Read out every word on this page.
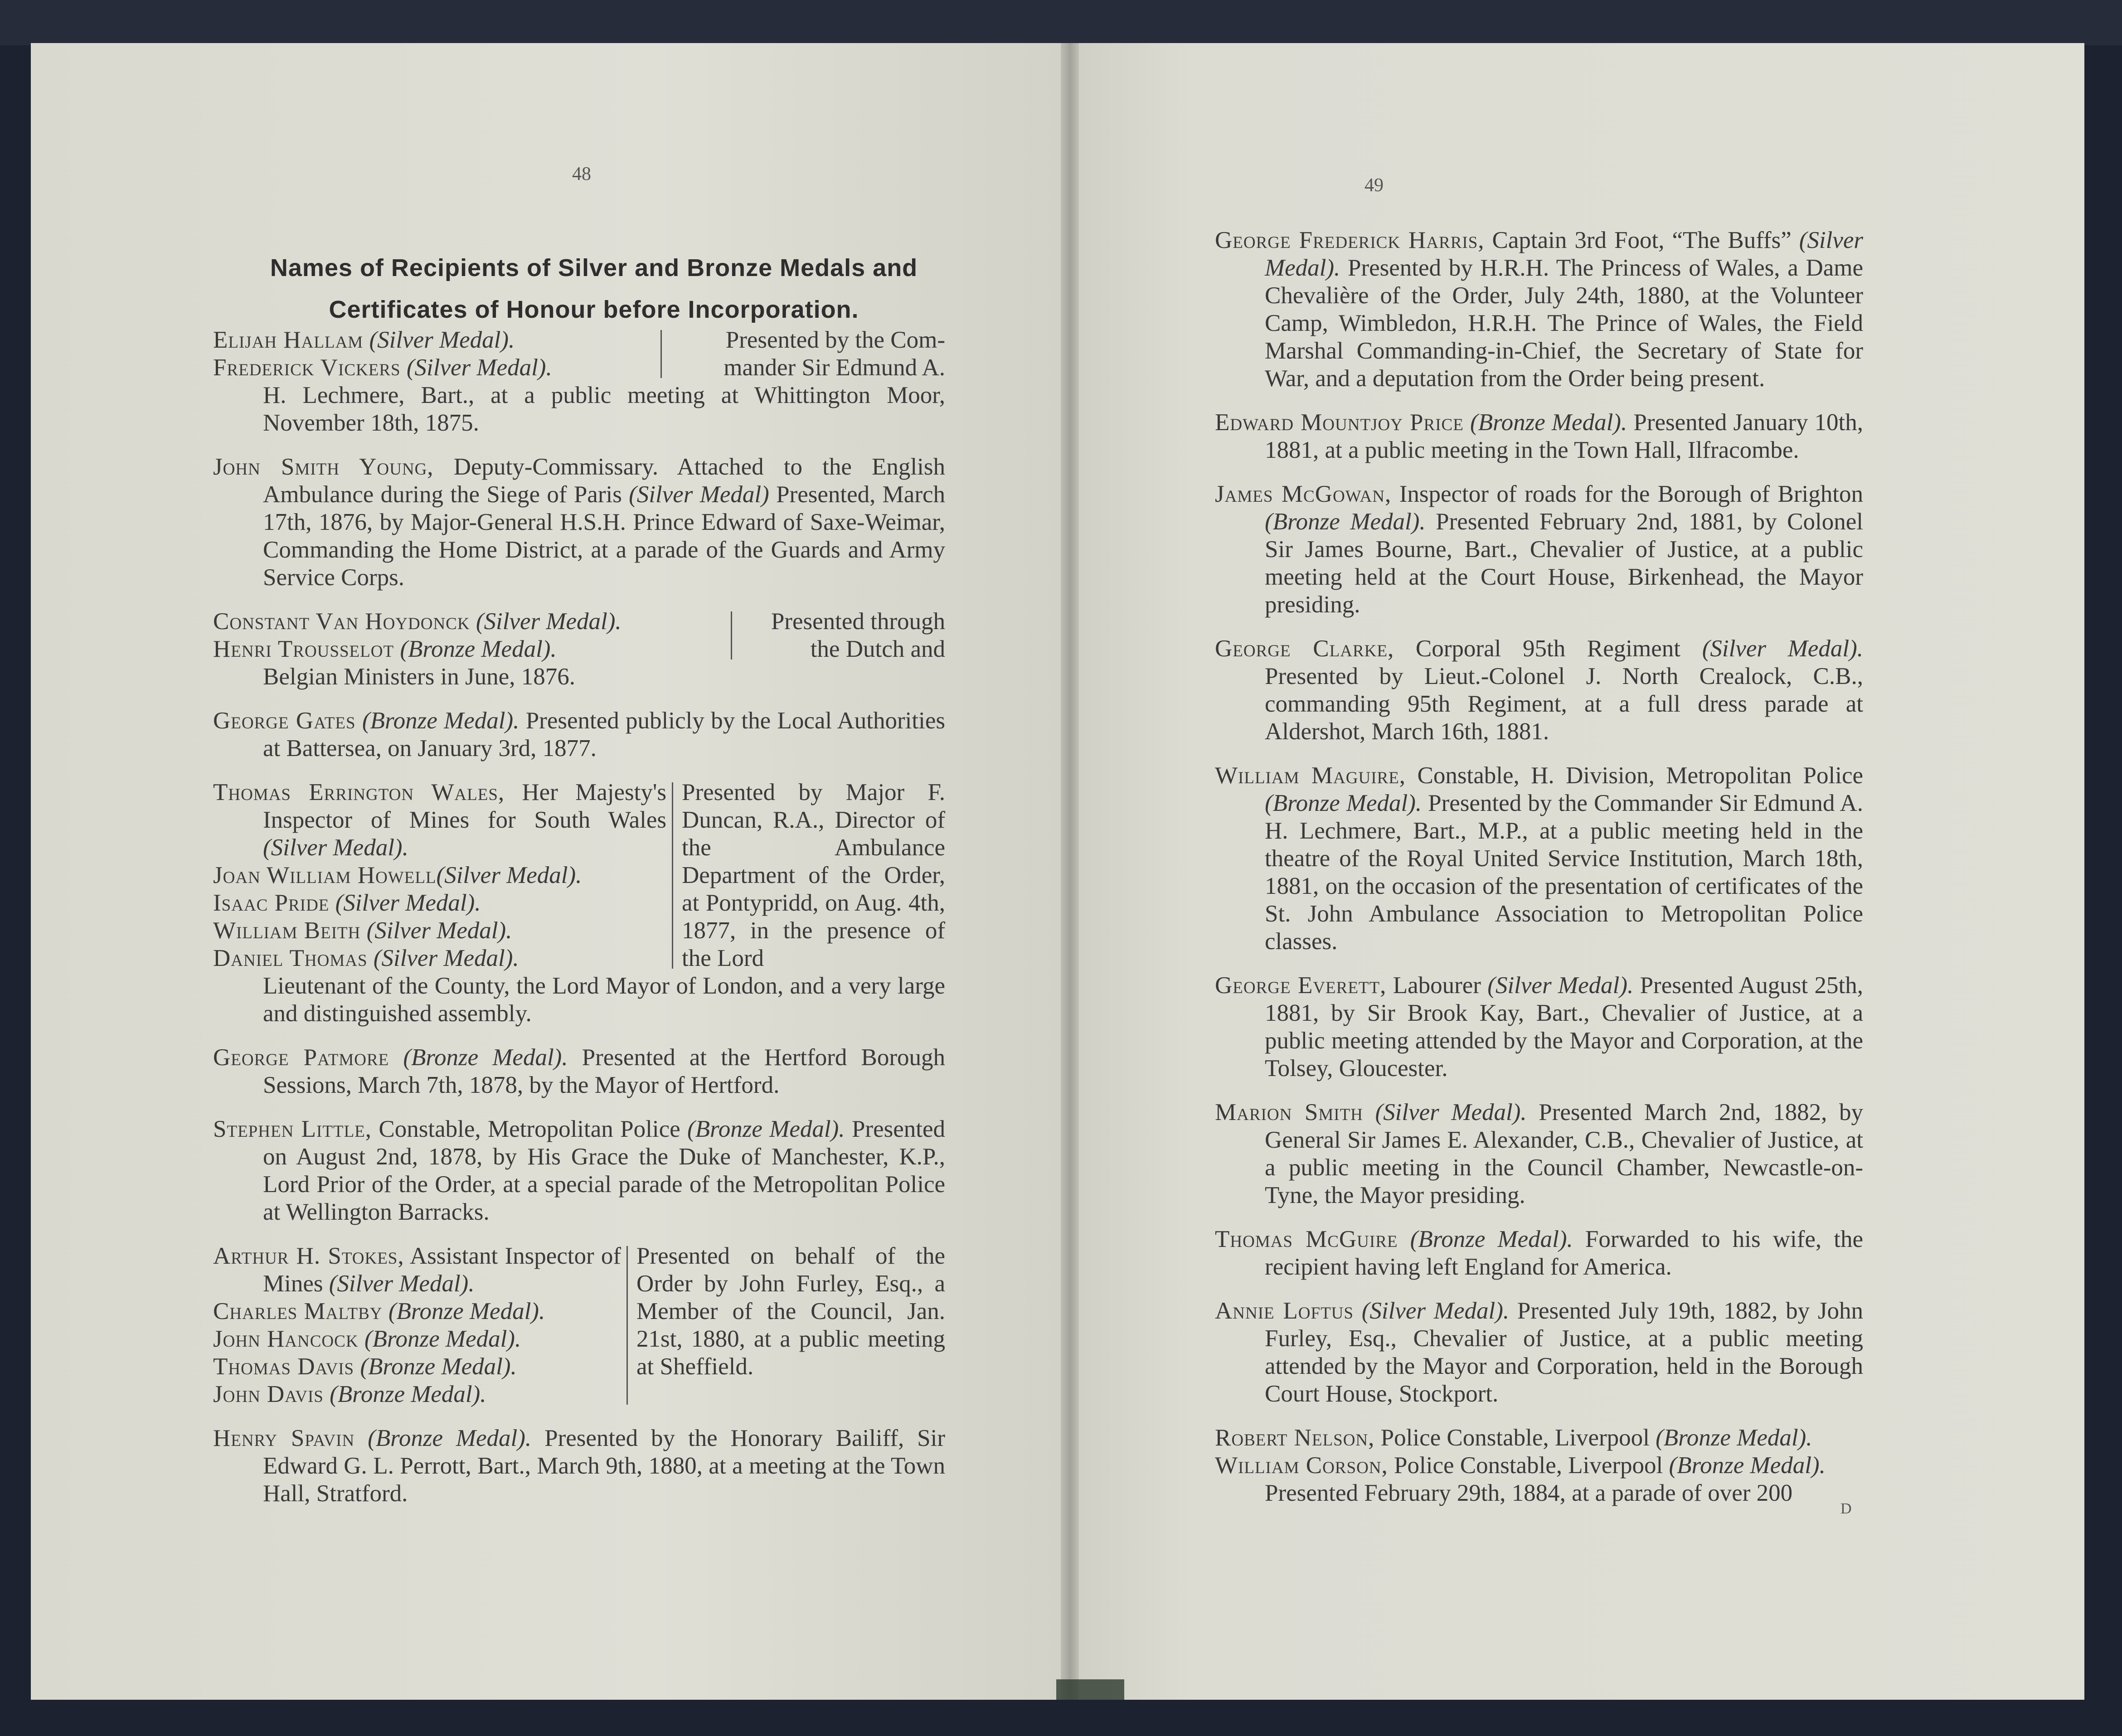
48
Names of Recipients of Silver and Bronze Medals and
Certificates of Honour before Incorporation.
Elijah Hallam (Silver Medal).
Frederick Vickers (Silver Medal).
Presented by the Com-
mander Sir Edmund A.
H. Lechmere, Bart., at a public meeting at Whittington Moor, November 18th, 1875.
John Smith Young, Deputy-Commissary. Attached to the English Ambulance during the Siege of Paris (Silver Medal) Presented, March 17th, 1876, by Major-General H.S.H. Prince Edward of Saxe-Weimar, Commanding the Home District, at a parade of the Guards and Army Service Corps.
Constant Van Hoydonck (Silver Medal).
Henri Trousselot (Bronze Medal).
Presented through
the Dutch and
Belgian Ministers in June, 1876.
George Gates (Bronze Medal). Presented publicly by the Local Authorities at Battersea, on January 3rd, 1877.
Thomas Errington Wales, Her Majesty's Inspector of Mines for South Wales (Silver Medal).
Joan William Howell(Silver Medal).
Isaac Pride (Silver Medal).
William Beith (Silver Medal).
Daniel Thomas (Silver Medal).
Presented by Major F. Duncan, R.A., Director of the Ambulance Department of the Order, at Pontypridd, on Aug. 4th, 1877, in the presence of the Lord
Lieutenant of the County, the Lord Mayor of London, and a very large and distinguished assembly.
George Patmore (Bronze Medal). Presented at the Hertford Borough Sessions, March 7th, 1878, by the Mayor of Hertford.
Stephen Little, Constable, Metropolitan Police (Bronze Medal). Presented on August 2nd, 1878, by His Grace the Duke of Manchester, K.P., Lord Prior of the Order, at a special parade of the Metropolitan Police at Wellington Barracks.
Arthur H. Stokes, Assistant Inspector of Mines (Silver Medal).
Charles Maltby (Bronze Medal).
John Hancock (Bronze Medal).
Thomas Davis (Bronze Medal).
John Davis (Bronze Medal).
Presented on behalf of the Order by John Furley, Esq., a Member of the Council, Jan. 21st, 1880, at a public meeting at Sheffield.
Henry Spavin (Bronze Medal). Presented by the Honorary Bailiff, Sir Edward G. L. Perrott, Bart., March 9th, 1880, at a meeting at the Town Hall, Stratford.
49
George Frederick Harris, Captain 3rd Foot, “The Buffs” (Silver Medal). Presented by H.R.H. The Princess of Wales, a Dame Chevalière of the Order, July 24th, 1880, at the Volunteer Camp, Wimbledon, H.R.H. The Prince of Wales, the Field Marshal Commanding-in-Chief, the Secretary of State for War, and a deputation from the Order being present.
Edward Mountjoy Price (Bronze Medal). Presented January 10th, 1881, at a public meeting in the Town Hall, Ilfracombe.
James McGowan, Inspector of roads for the Borough of Brighton (Bronze Medal). Presented February 2nd, 1881, by Colonel Sir James Bourne, Bart., Chevalier of Justice, at a public meeting held at the Court House, Birkenhead, the Mayor presiding.
George Clarke, Corporal 95th Regiment (Silver Medal). Presented by Lieut.-Colonel J. North Crealock, C.B., commanding 95th Regiment, at a full dress parade at Aldershot, March 16th, 1881.
William Maguire, Constable, H. Division, Metropolitan Police (Bronze Medal). Presented by the Commander Sir Edmund A. H. Lechmere, Bart., M.P., at a public meeting held in the theatre of the Royal United Service Institution, March 18th, 1881, on the occasion of the presentation of certificates of the St. John Ambulance Association to Metropolitan Police classes.
George Everett, Labourer (Silver Medal). Presented August 25th, 1881, by Sir Brook Kay, Bart., Chevalier of Justice, at a public meeting attended by the Mayor and Corporation, at the Tolsey, Gloucester.
Marion Smith (Silver Medal). Presented March 2nd, 1882, by General Sir James E. Alexander, C.B., Chevalier of Justice, at a public meeting in the Council Chamber, Newcastle-on-Tyne, the Mayor presiding.
Thomas McGuire (Bronze Medal). Forwarded to his wife, the recipient having left England for America.
Annie Loftus (Silver Medal). Presented July 19th, 1882, by John Furley, Esq., Chevalier of Justice, at a public meeting attended by the Mayor and Corporation, held in the Borough Court House, Stockport.
Robert Nelson, Police Constable, Liverpool (Bronze Medal).
William Corson, Police Constable, Liverpool (Bronze Medal).
Presented February 29th, 1884, at a parade of over 200
D
